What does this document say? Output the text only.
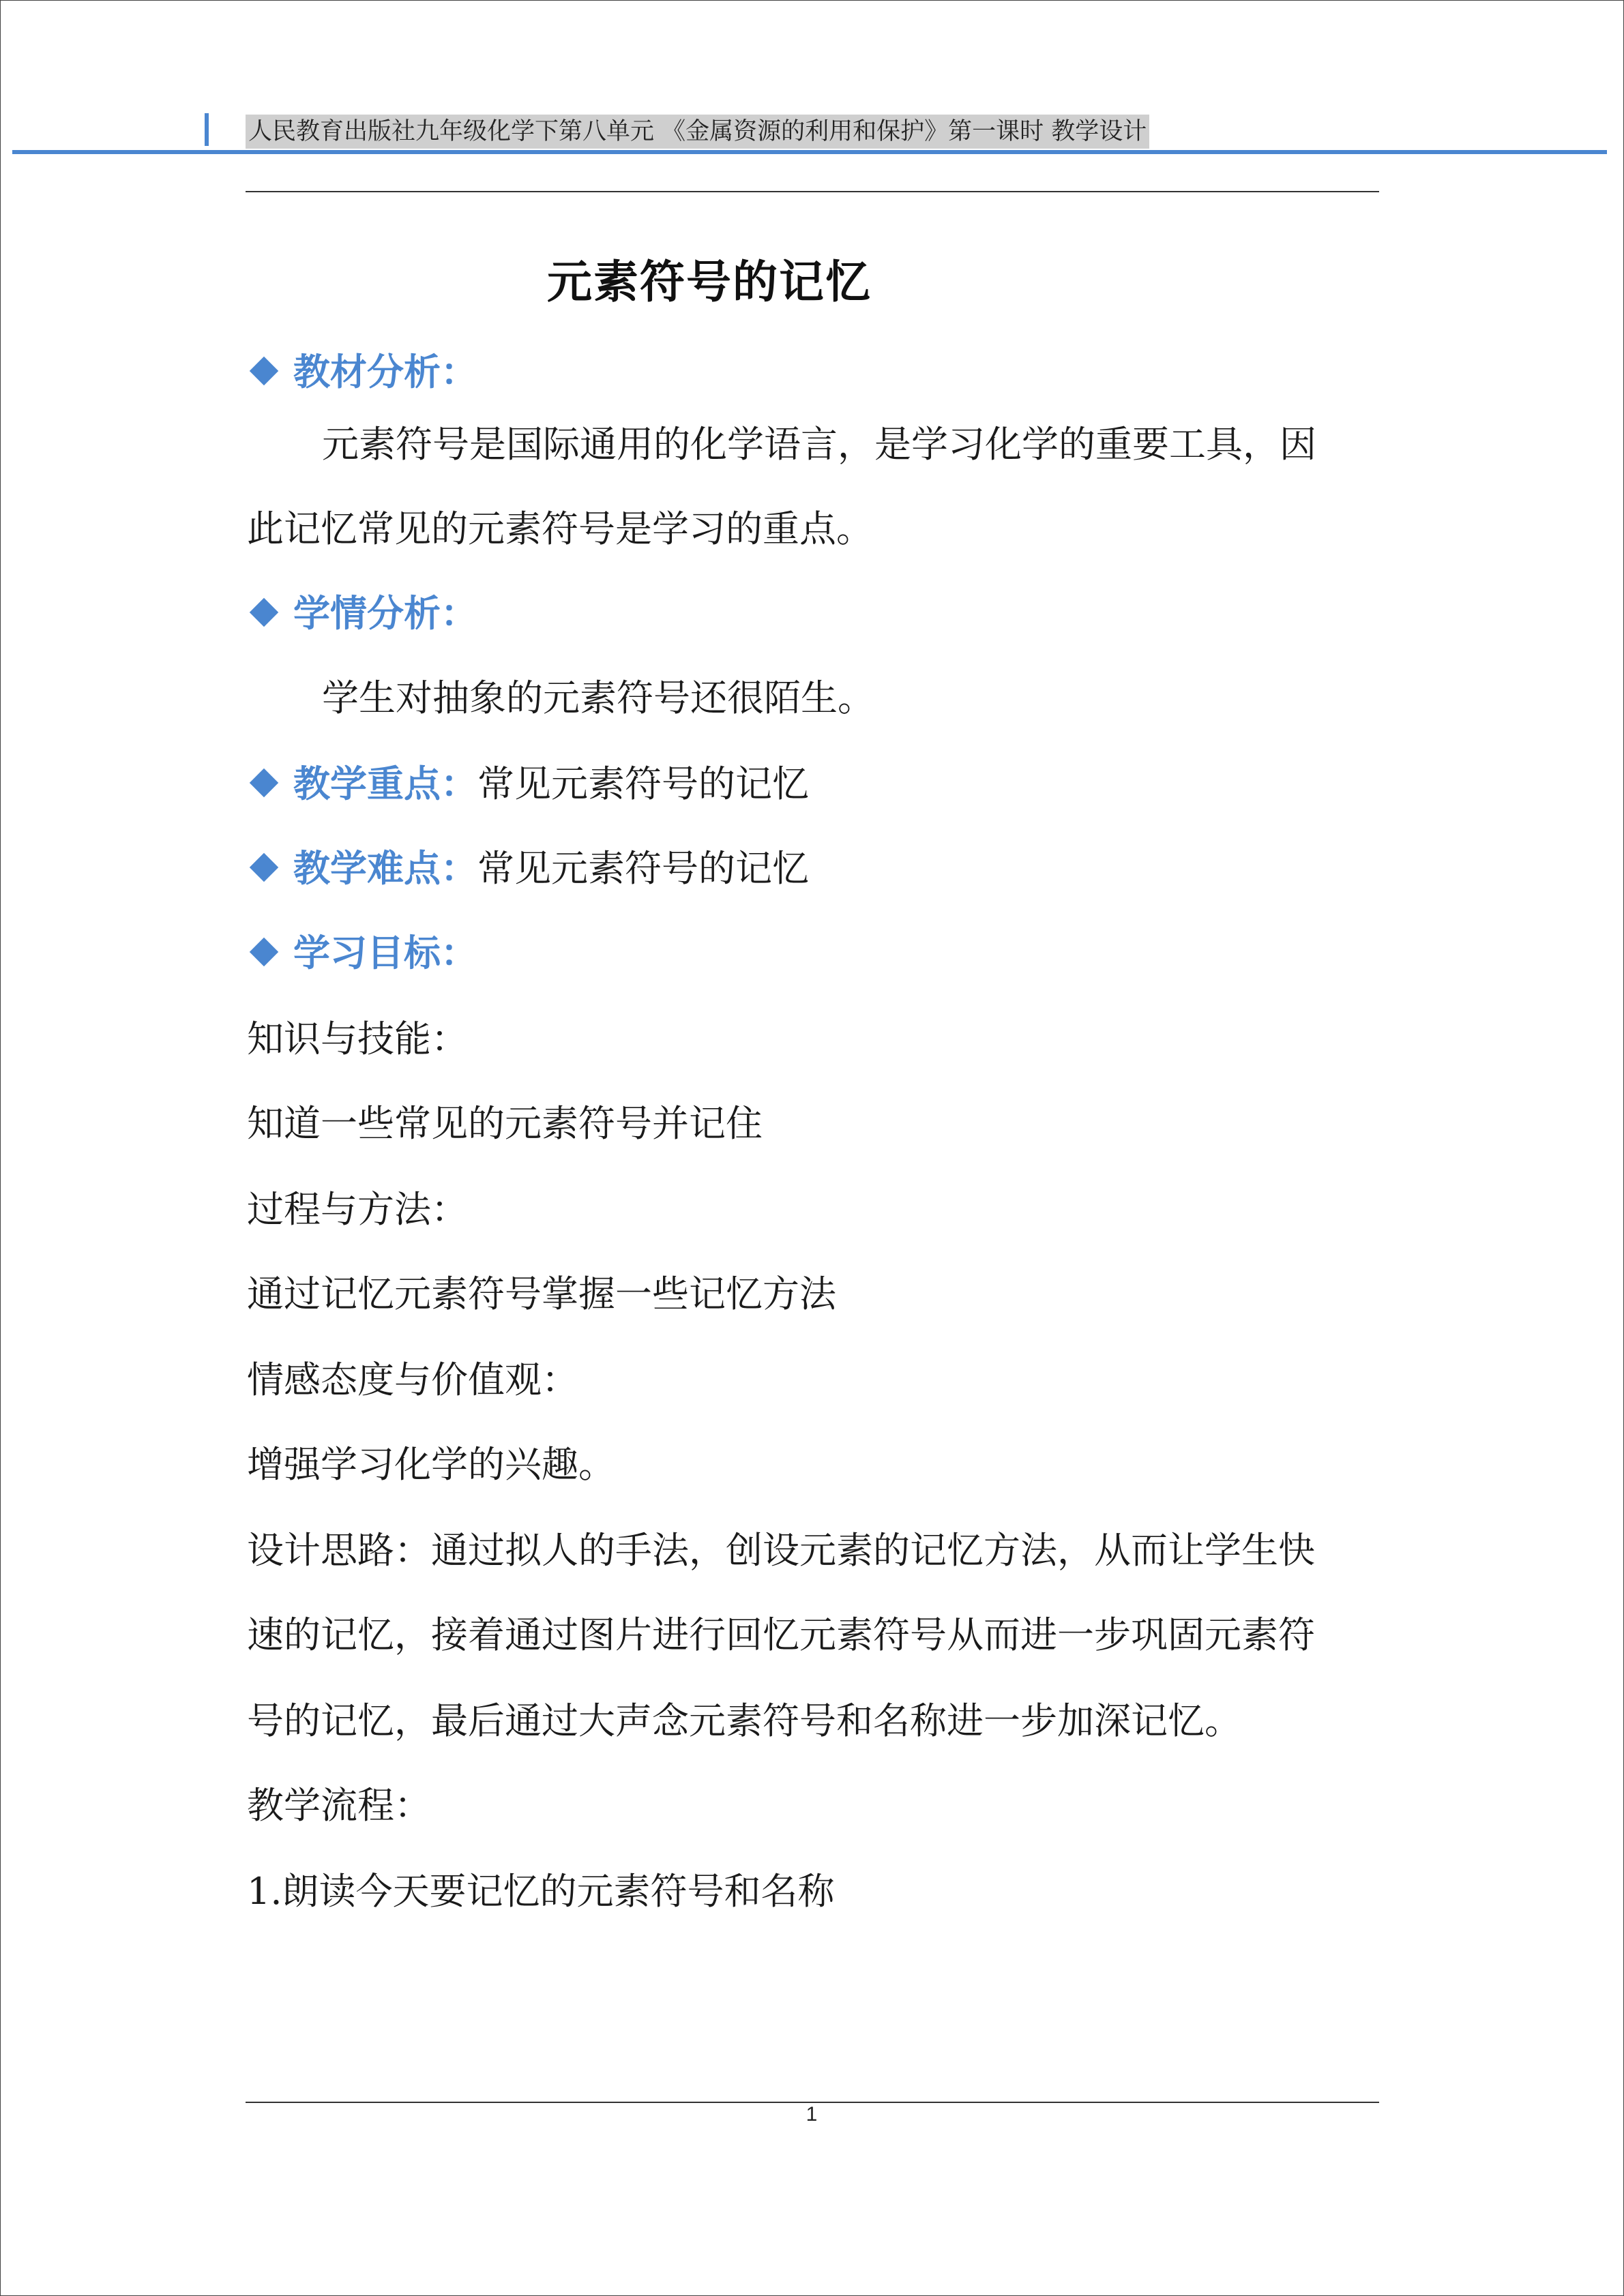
人民教育出版社九年级化学下第八单元 《金属资源的利用和保护》第一课时 教学设计
元素符号的记忆
教材分析：
元素符号是国际通用的化学语言，是学习化学的重要工具，因
此记忆常见的元素符号是学习的重点。
学情分析：
学生对抽象的元素符号还很陌生。
教学重点：常见元素符号的记忆
教学难点：常见元素符号的记忆
学习目标：
知识与技能：
知道一些常见的元素符号并记住
过程与方法：
通过记忆元素符号掌握一些记忆方法
情感态度与价值观：
增强学习化学的兴趣。
设计思路：通过拟人的手法，创设元素的记忆方法，从而让学生快
速的记忆，接着通过图片进行回忆元素符号从而进一步巩固元素符
号的记忆，最后通过大声念元素符号和名称进一步加深记忆。
教学流程：
1.朗读今天要记忆的元素符号和名称
1
